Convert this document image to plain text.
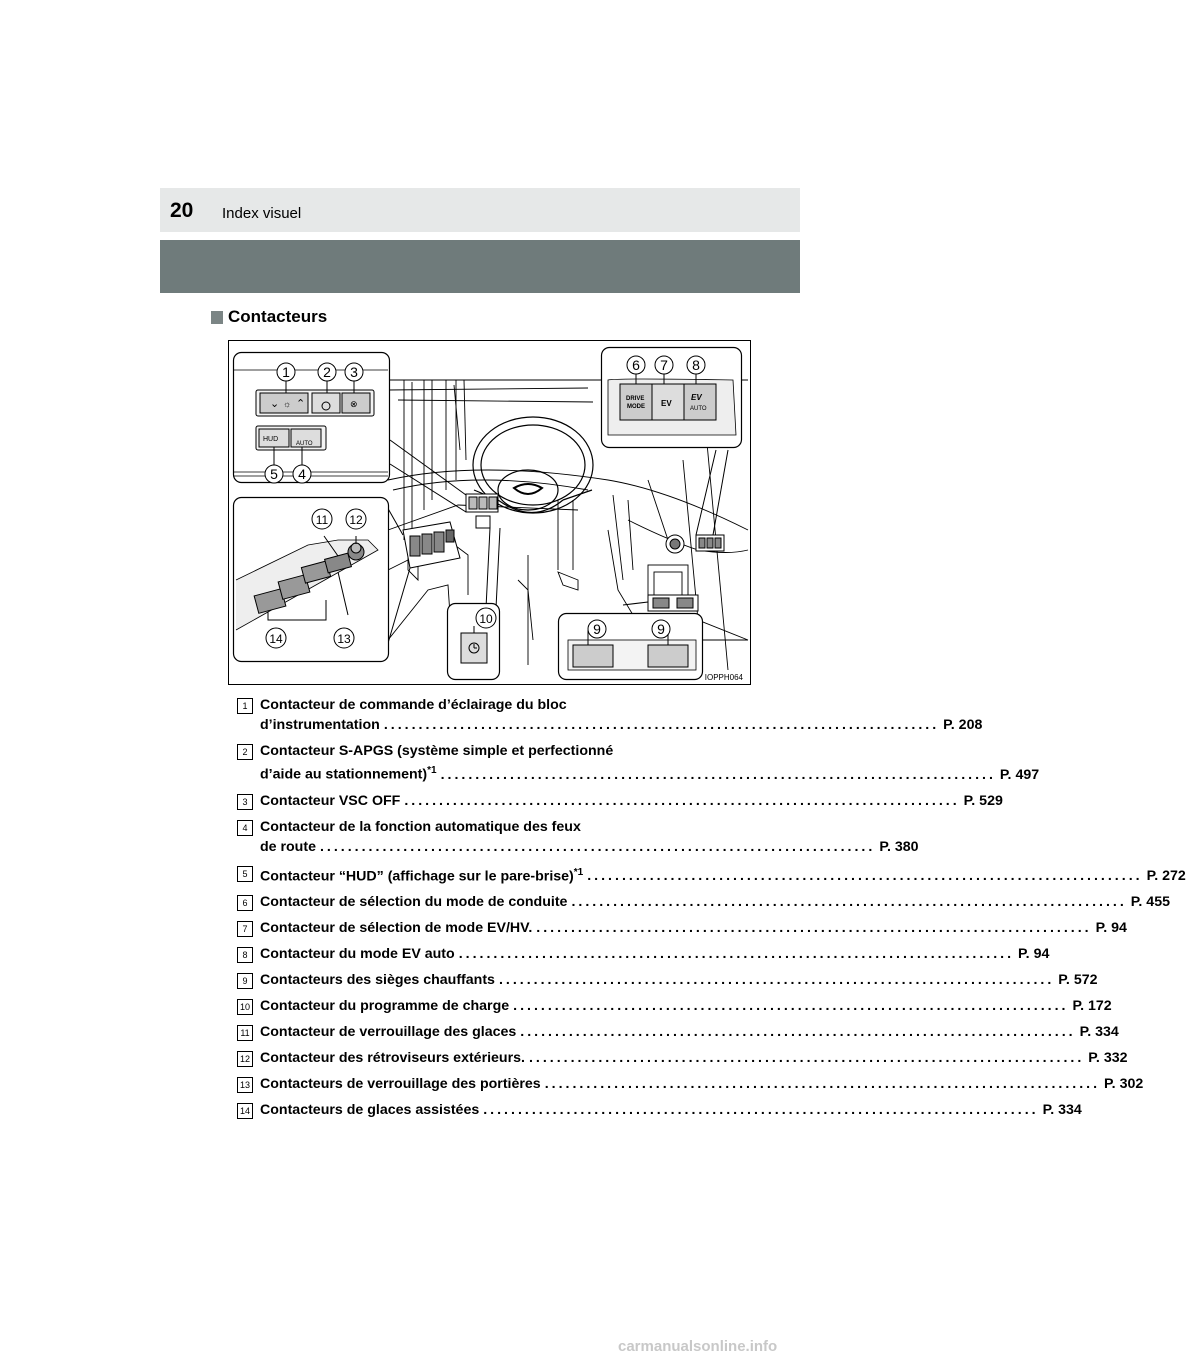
20 Index visuel
Contacteurs
⌄ ☼ ⌃	⊗
HUD
AUTO
DRIVE
MODE EV
EV
AUTO
1 2 3
4
5
6 7 8
9	9
10
11 12
13
14
IOPPH064
1 Contacteur de commande d’éclairage du bloc
d’instrumentation ................................................................................ P. 208
2 Contacteur S-APGS (système simple et perfectionné
d’aide au stationnement)$^{*1}$ ................................................................................ P. 497
3 Contacteur VSC OFF ................................................................................ P. 529
4 Contacteur de la fonction automatique des feux
de route ................................................................................ P. 380
5 Contacteur “HUD” (affichage sur le pare-brise)$^{*1}$ ................................................................................ P. 272
6 Contacteur de sélection du mode de conduite ................................................................................ P. 455
7 Contacteur de sélection de mode EV/HV. ................................................................................ P. 94
8 Contacteur du mode EV auto ................................................................................ P. 94
9 Contacteurs des sièges chauffants ................................................................................ P. 572
10 Contacteur du programme de charge ................................................................................ P. 172
11 Contacteur de verrouillage des glaces ................................................................................ P. 334
12 Contacteur des rétroviseurs extérieurs. ................................................................................ P. 332
13 Contacteurs de verrouillage des portières ................................................................................ P. 302
14 Contacteurs de glaces assistées ................................................................................ P. 334
carmanualsonline.info
